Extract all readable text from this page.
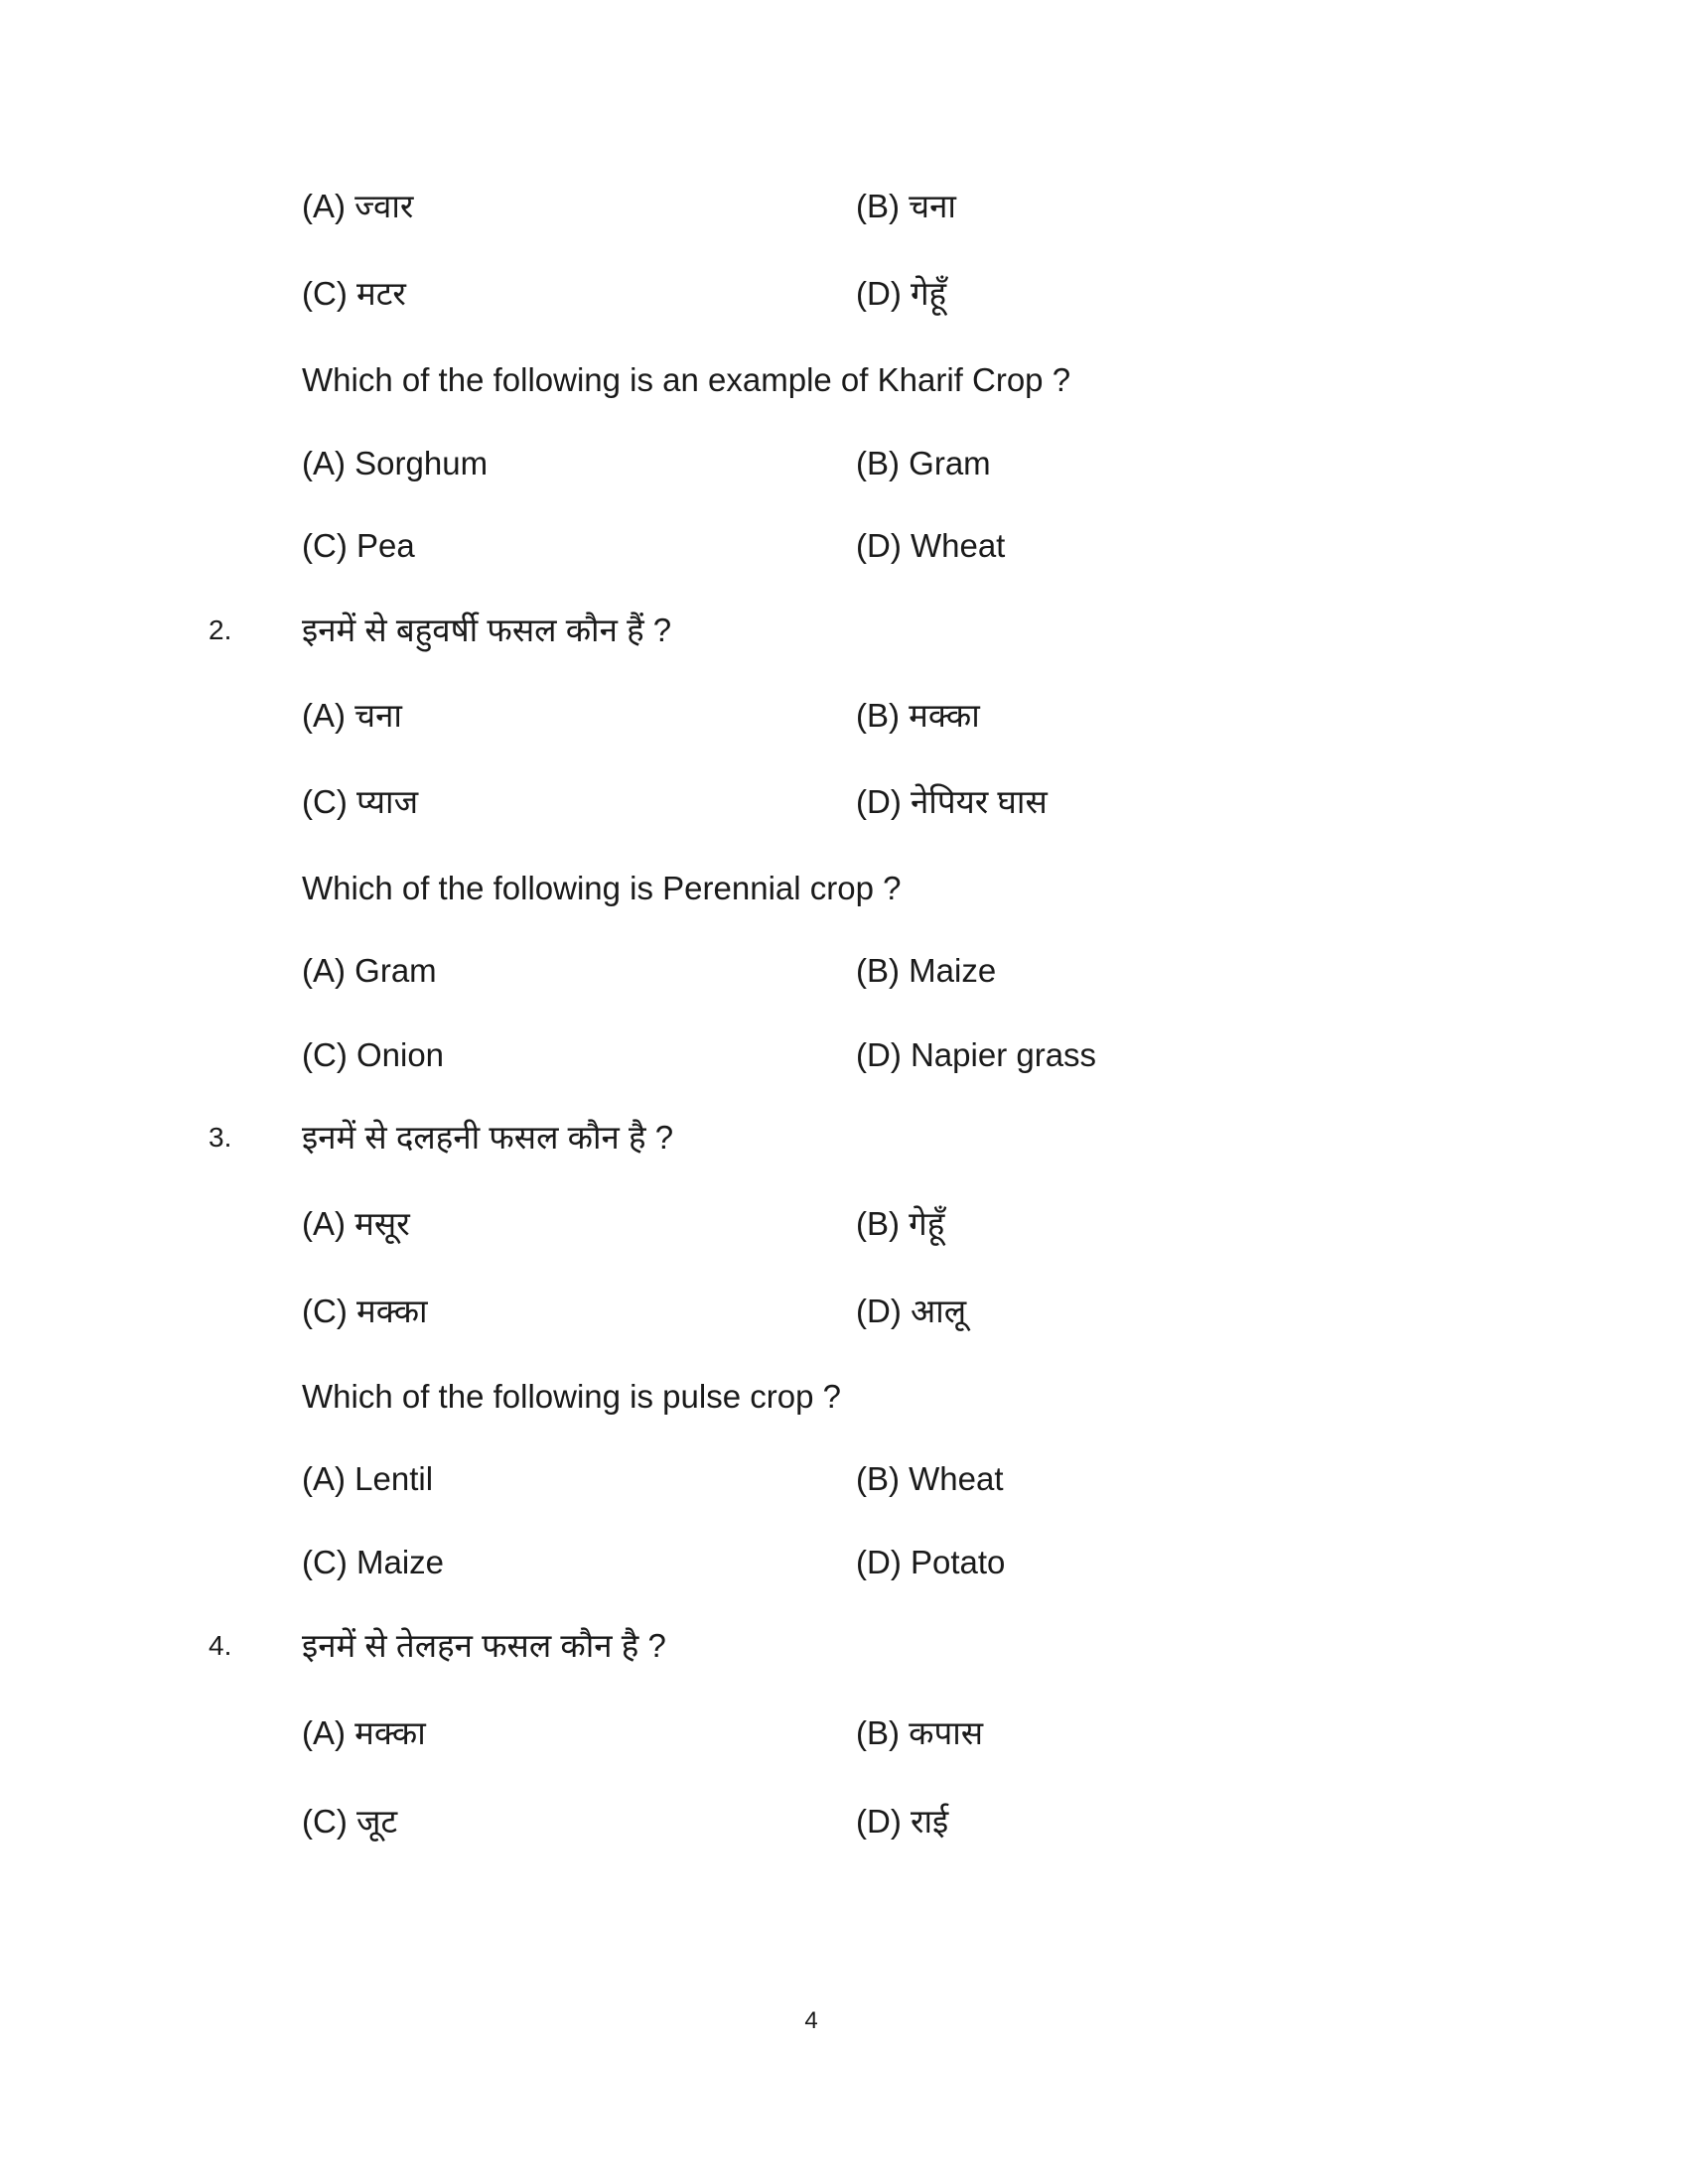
(A) ज्वार	(B) चना
(C) मटर	(D) गेहूँ
Which of the following is an example of Kharif Crop ?
(A) Sorghum	(B) Gram
(C) Pea	(D) Wheat
2. इनमें से बहुवर्षी फसल कौन हैं ?
(A) चना	(B) मक्का
(C) प्याज	(D) नेपियर घास
Which of the following is Perennial crop ?
(A) Gram	(B) Maize
(C) Onion	(D) Napier grass
3. इनमें से दलहनी फसल कौन है ?
(A) मसूर	(B) गेहूँ
(C) मक्का	(D) आलू
Which of the following is pulse crop ?
(A) Lentil	(B) Wheat
(C) Maize	(D) Potato
4. इनमें से तेलहन फसल कौन है ?
(A) मक्का	(B) कपास
(C) जूट	(D) राई
4
